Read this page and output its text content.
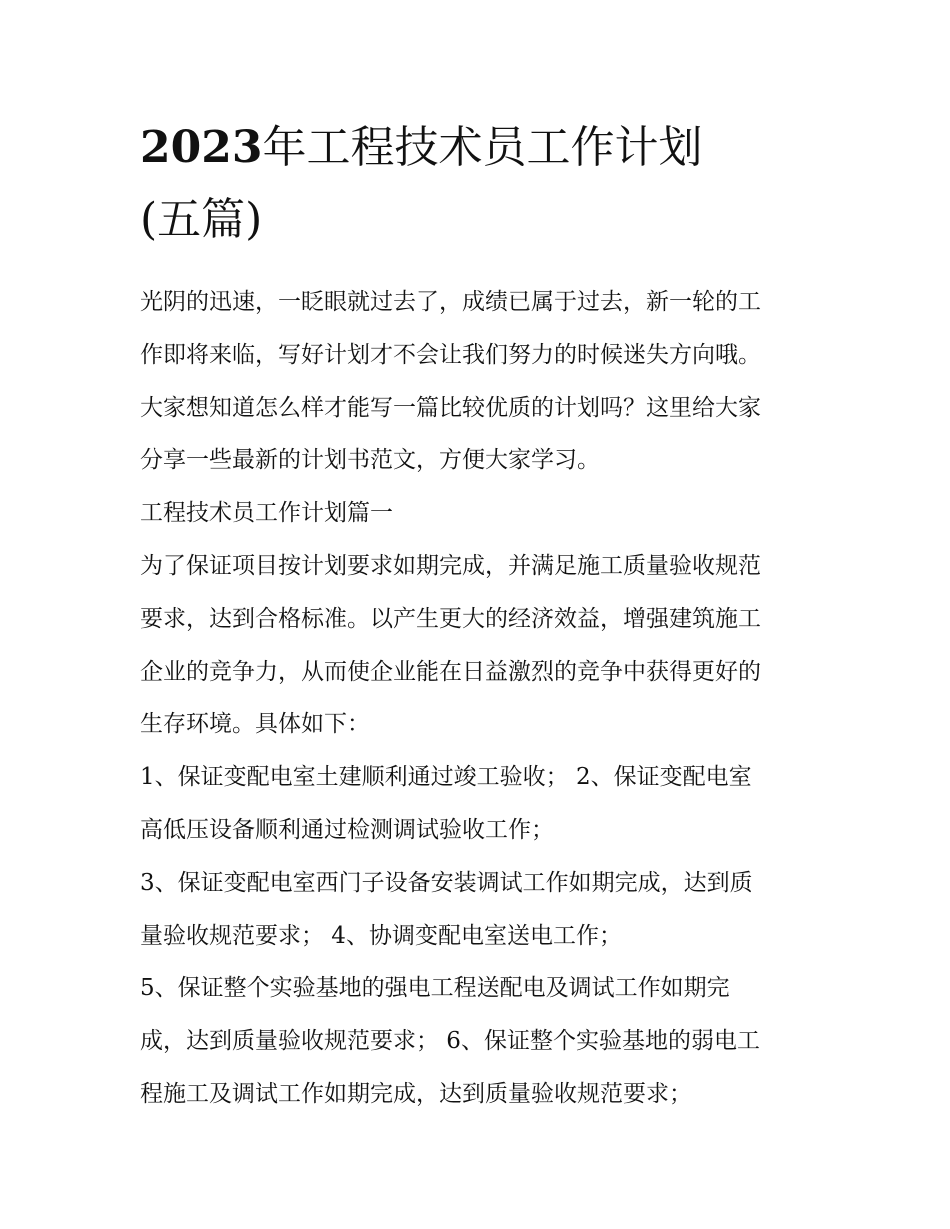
2023年工程技术员工作计划
(五篇)
光阴的迅速，一眨眼就过去了，成绩已属于过去，新一轮的工
作即将来临，写好计划才不会让我们努力的时候迷失方向哦。
大家想知道怎么样才能写一篇比较优质的计划吗？这里给大家
分享一些最新的计划书范文，方便大家学习。
工程技术员工作计划篇一
为了保证项目按计划要求如期完成，并满足施工质量验收规范
要求，达到合格标准。以产生更大的经济效益，增强建筑施工
企业的竞争力，从而使企业能在日益激烈的竞争中获得更好的
生存环境。具体如下：
1、保证变配电室土建顺利通过竣工验收； 2、保证变配电室
高低压设备顺利通过检测调试验收工作；
3、保证变配电室西门子设备安装调试工作如期完成，达到质
量验收规范要求； 4、协调变配电室送电工作；
5、保证整个实验基地的强电工程送配电及调试工作如期完
成，达到质量验收规范要求； 6、保证整个实验基地的弱电工
程施工及调试工作如期完成，达到质量验收规范要求；
